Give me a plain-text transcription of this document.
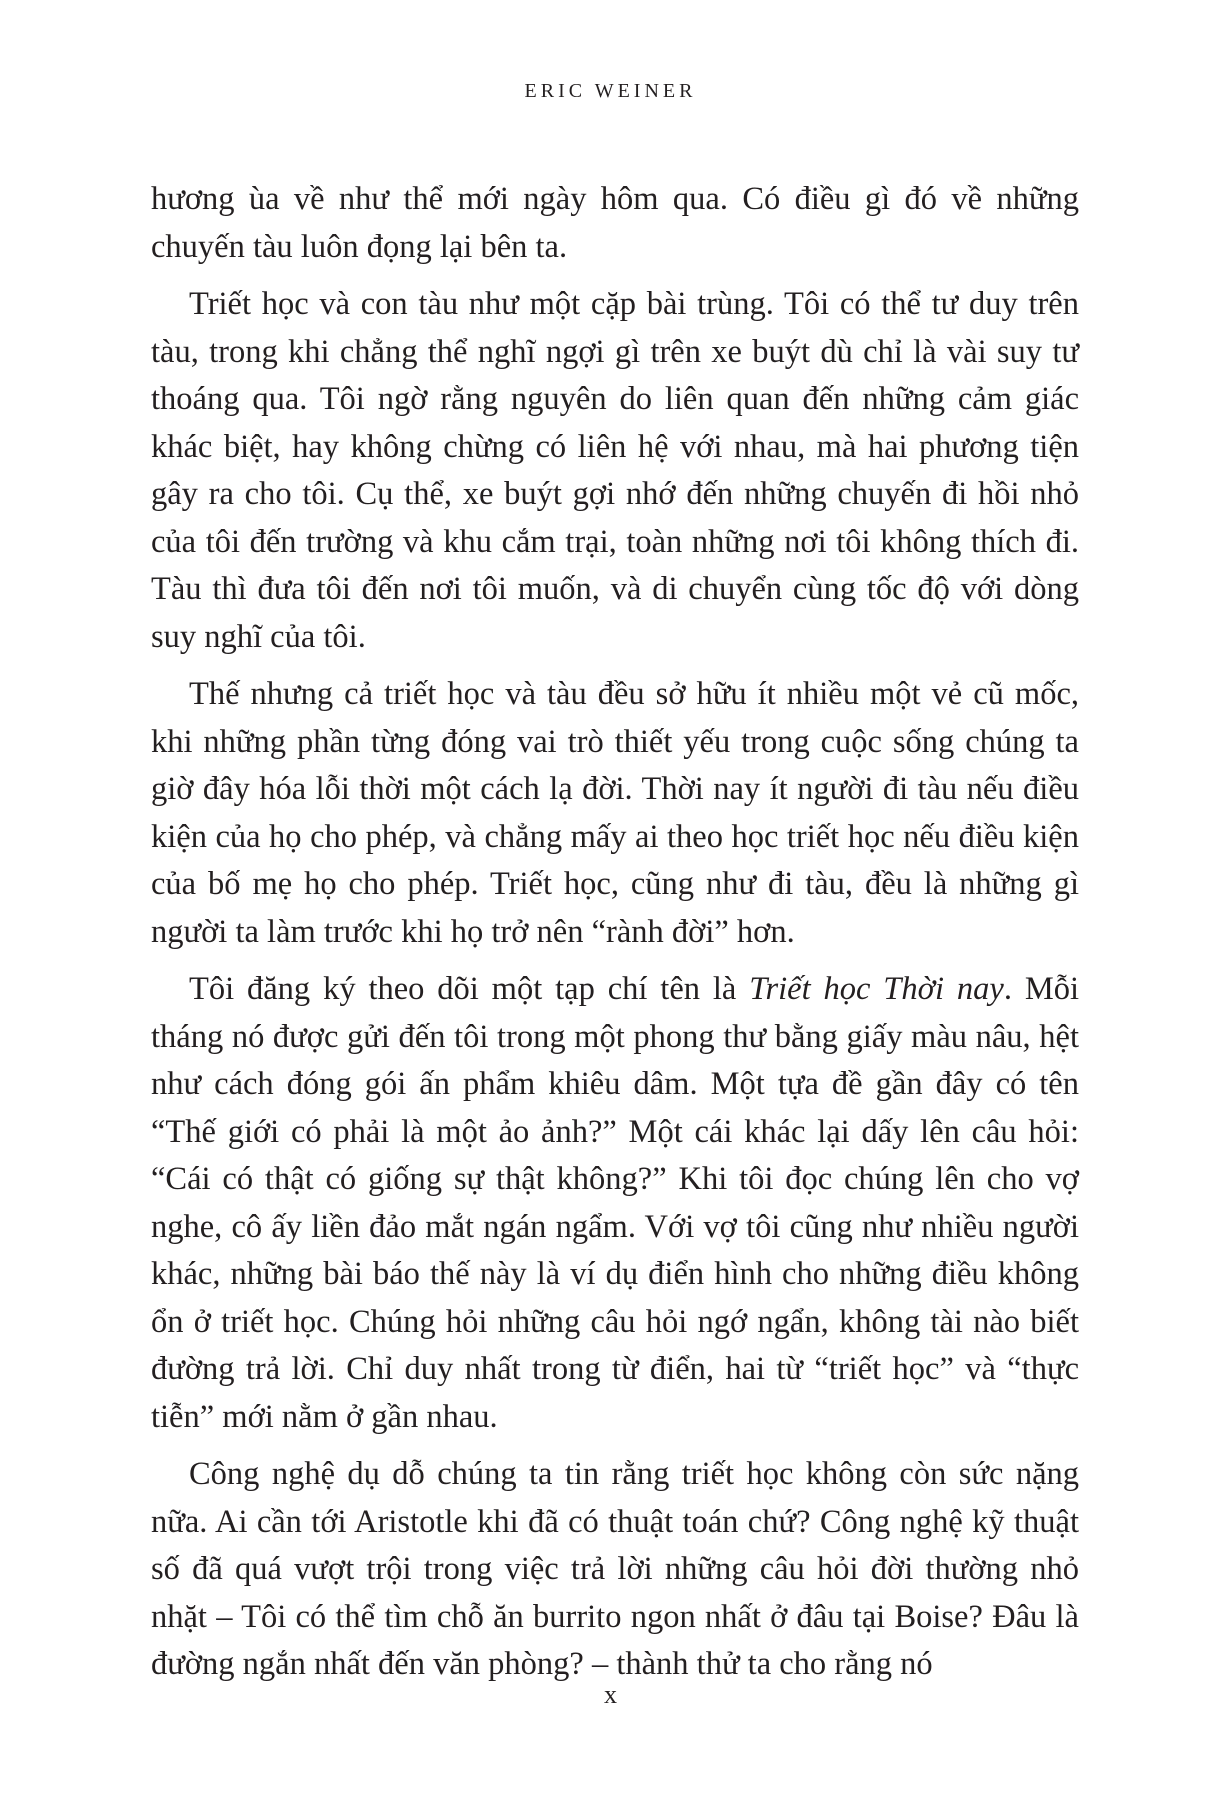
ERIC WEINER

hương ùa về như thể mới ngày hôm qua. Có điều gì đó về những chuyến tàu luôn đọng lại bên ta.

Triết học và con tàu như một cặp bài trùng. Tôi có thể tư duy trên tàu, trong khi chẳng thể nghĩ ngợi gì trên xe buýt dù chỉ là vài suy tư thoáng qua. Tôi ngờ rằng nguyên do liên quan đến những cảm giác khác biệt, hay không chừng có liên hệ với nhau, mà hai phương tiện gây ra cho tôi. Cụ thể, xe buýt gợi nhớ đến những chuyến đi hồi nhỏ của tôi đến trường và khu cắm trại, toàn những nơi tôi không thích đi. Tàu thì đưa tôi đến nơi tôi muốn, và di chuyển cùng tốc độ với dòng suy nghĩ của tôi.

Thế nhưng cả triết học và tàu đều sở hữu ít nhiều một vẻ cũ mốc, khi những phần từng đóng vai trò thiết yếu trong cuộc sống chúng ta giờ đây hóa lỗi thời một cách lạ đời. Thời nay ít người đi tàu nếu điều kiện của họ cho phép, và chẳng mấy ai theo học triết học nếu điều kiện của bố mẹ họ cho phép. Triết học, cũng như đi tàu, đều là những gì người ta làm trước khi họ trở nên “rành đời” hơn.

Tôi đăng ký theo dõi một tạp chí tên là Triết học Thời nay. Mỗi tháng nó được gửi đến tôi trong một phong thư bằng giấy màu nâu, hệt như cách đóng gói ấn phẩm khiêu dâm. Một tựa đề gần đây có tên “Thế giới có phải là một ảo ảnh?” Một cái khác lại dấy lên câu hỏi: “Cái có thật có giống sự thật không?” Khi tôi đọc chúng lên cho vợ nghe, cô ấy liền đảo mắt ngán ngẩm. Với vợ tôi cũng như nhiều người khác, những bài báo thế này là ví dụ điển hình cho những điều không ổn ở triết học. Chúng hỏi những câu hỏi ngớ ngẩn, không tài nào biết đường trả lời. Chỉ duy nhất trong từ điển, hai từ “triết học” và “thực tiễn” mới nằm ở gần nhau.

Công nghệ dụ dỗ chúng ta tin rằng triết học không còn sức nặng nữa. Ai cần tới Aristotle khi đã có thuật toán chứ? Công nghệ kỹ thuật số đã quá vượt trội trong việc trả lời những câu hỏi đời thường nhỏ nhặt – Tôi có thể tìm chỗ ăn burrito ngon nhất ở đâu tại Boise? Đâu là đường ngắn nhất đến văn phòng? – thành thử ta cho rằng nó

x
